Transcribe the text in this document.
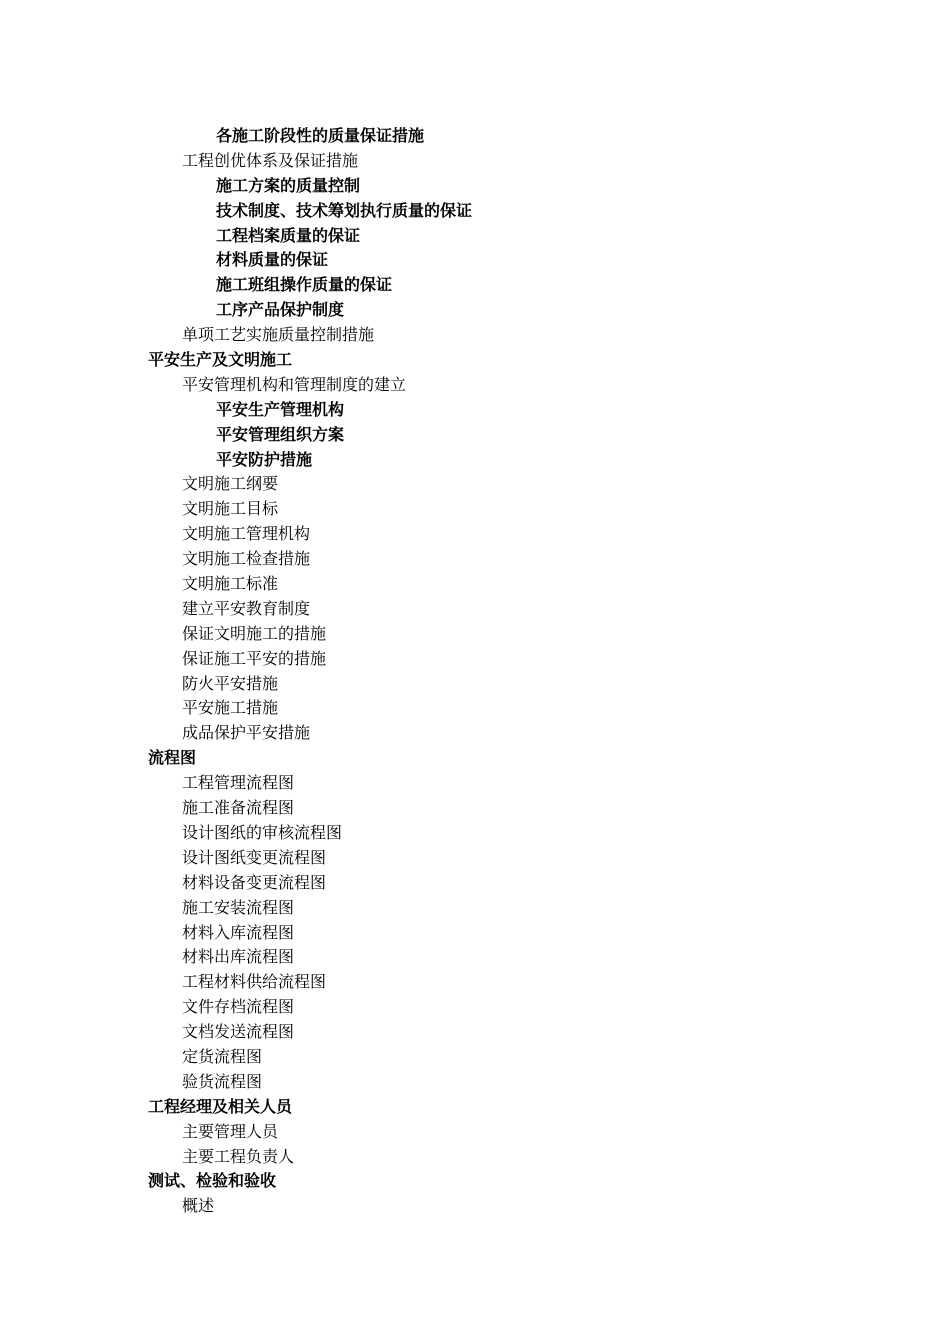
各施工阶段性的质量保证措施
工程创优体系及保证措施
施工方案的质量控制
技术制度、技术筹划执行质量的保证
工程档案质量的保证
材料质量的保证
施工班组操作质量的保证
工序产品保护制度
单项工艺实施质量控制措施
平安生产及文明施工
平安管理机构和管理制度的建立
平安生产管理机构
平安管理组织方案
平安防护措施
文明施工纲要
文明施工目标
文明施工管理机构
文明施工检查措施
文明施工标准
建立平安教育制度
保证文明施工的措施
保证施工平安的措施
防火平安措施
平安施工措施
成品保护平安措施
流程图
工程管理流程图
施工准备流程图
设计图纸的审核流程图
设计图纸变更流程图
材料设备变更流程图
施工安装流程图
材料入库流程图
材料出库流程图
工程材料供给流程图
文件存档流程图
文档发送流程图
定货流程图
验货流程图
工程经理及相关人员
主要管理人员
主要工程负责人
测试、检验和验收
概述
